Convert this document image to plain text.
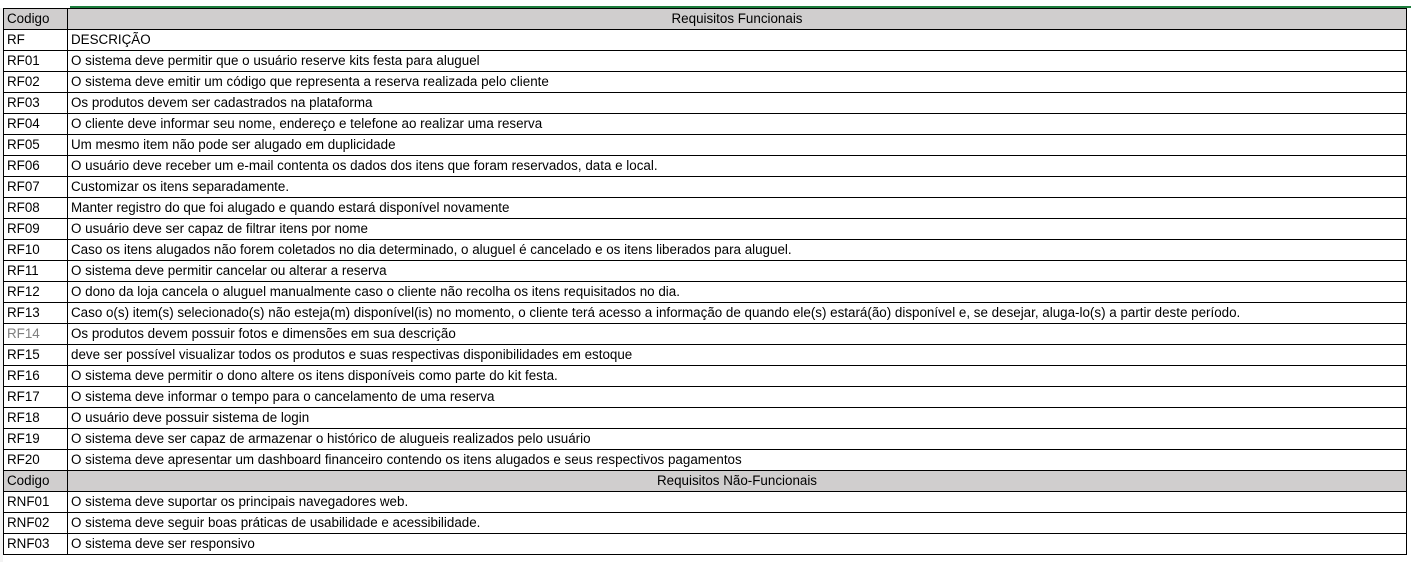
Codigo	Requisitos Funcionais
RF	DESCRIÇÃO
RF01	O sistema deve permitir que o usuário reserve kits festa para aluguel
RF02	O sistema deve emitir um código que representa a reserva realizada pelo cliente
RF03	Os produtos devem ser cadastrados na plataforma
RF04	O cliente deve informar seu nome, endereço e telefone ao realizar uma reserva
RF05	Um mesmo item não pode ser alugado em duplicidade
RF06	O usuário deve receber um e-mail contenta os dados dos itens que foram reservados, data e local.
RF07	Customizar os itens separadamente.
RF08	Manter registro do que foi alugado e quando estará disponível novamente
RF09	O usuário deve ser capaz de filtrar itens por nome
RF10	Caso os itens alugados não forem coletados no dia determinado, o aluguel é cancelado e os itens liberados para aluguel.
RF11	O sistema deve permitir cancelar ou alterar a reserva
RF12	O dono da loja cancela o aluguel manualmente caso o cliente não recolha os itens requisitados no dia.
RF13	Caso o(s) item(s) selecionado(s) não esteja(m) disponível(is) no momento, o cliente terá acesso a informação de quando ele(s) estará(ão) disponível e, se desejar, aluga-lo(s) a partir deste período.
RF14	Os produtos devem possuir fotos e dimensões em sua descrição
RF15	deve ser possível visualizar todos os produtos e suas respectivas disponibilidades em estoque
RF16	O sistema deve permitir o dono altere os itens disponíveis como parte do kit festa.
RF17	O sistema deve informar o tempo para o cancelamento de uma reserva
RF18	O usuário deve possuir sistema de login
RF19	O sistema deve ser capaz de armazenar o histórico de alugueis realizados pelo usuário
RF20	O sistema deve apresentar um dashboard financeiro contendo os itens alugados e seus respectivos pagamentos
Codigo	Requisitos Não-Funcionais
RNF01	O sistema deve suportar os principais navegadores web.
RNF02	O sistema deve seguir boas práticas de usabilidade e acessibilidade.
RNF03	O sistema deve ser responsivo
